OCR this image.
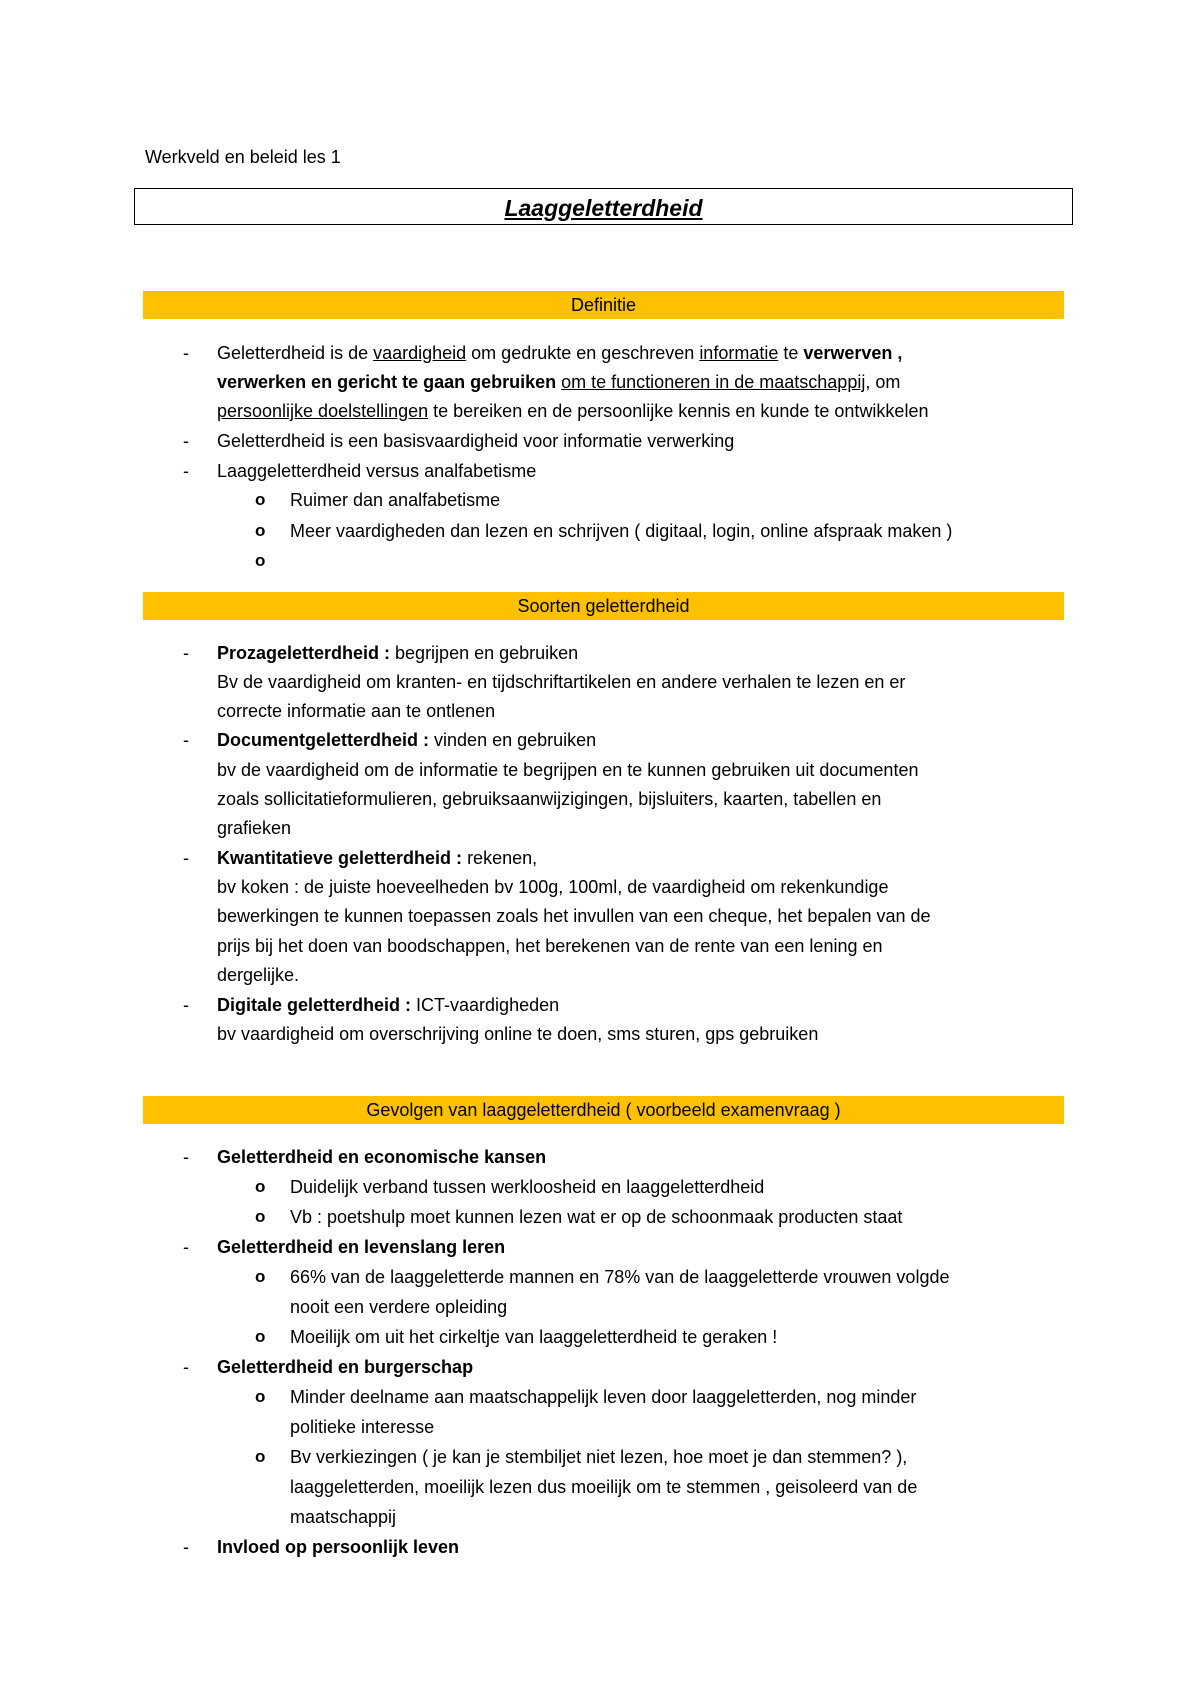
Werkveld en beleid les 1
Laaggeletterdheid
Definitie
- Geletterdheid is de vaardigheid om gedrukte en geschreven informatie te verwerven ,
verwerken en gericht te gaan gebruiken om te functioneren in de maatschappij, om
persoonlijke doelstellingen te bereiken en de persoonlijke kennis en kunde te ontwikkelen
- Geletterdheid is een basisvaardigheid voor informatie verwerking
- Laaggeletterdheid versus analfabetisme
o Ruimer dan analfabetisme
o Meer vaardigheden dan lezen en schrijven ( digitaal, login, online afspraak maken )
o
Soorten geletterdheid
- Prozageletterdheid : begrijpen en gebruiken
Bv de vaardigheid om kranten- en tijdschriftartikelen en andere verhalen te lezen en er
correcte informatie aan te ontlenen
- Documentgeletterdheid : vinden en gebruiken
bv de vaardigheid om de informatie te begrijpen en te kunnen gebruiken uit documenten
zoals sollicitatieformulieren, gebruiksaanwijzigingen, bijsluiters, kaarten, tabellen en
grafieken
- Kwantitatieve geletterdheid : rekenen,
bv koken : de juiste hoeveelheden bv 100g, 100ml, de vaardigheid om rekenkundige
bewerkingen te kunnen toepassen zoals het invullen van een cheque, het bepalen van de
prijs bij het doen van boodschappen, het berekenen van de rente van een lening en
dergelijke.
- Digitale geletterdheid : ICT-vaardigheden
bv vaardigheid om overschrijving online te doen, sms sturen, gps gebruiken
Gevolgen van laaggeletterdheid ( voorbeeld examenvraag )
- Geletterdheid en economische kansen
o Duidelijk verband tussen werkloosheid en laaggeletterdheid
o Vb : poetshulp moet kunnen lezen wat er op de schoonmaak producten staat
- Geletterdheid en levenslang leren
o 66% van de laaggeletterde mannen en 78% van de laaggeletterde vrouwen volgde
nooit een verdere opleiding
o Moeilijk om uit het cirkeltje van laaggeletterdheid te geraken !
- Geletterdheid en burgerschap
o Minder deelname aan maatschappelijk leven door laaggeletterden, nog minder
politieke interesse
o Bv verkiezingen ( je kan je stembiljet niet lezen, hoe moet je dan stemmen? ),
laaggeletterden, moeilijk lezen dus moeilijk om te stemmen , geisoleerd van de
maatschappij
- Invloed op persoonlijk leven
